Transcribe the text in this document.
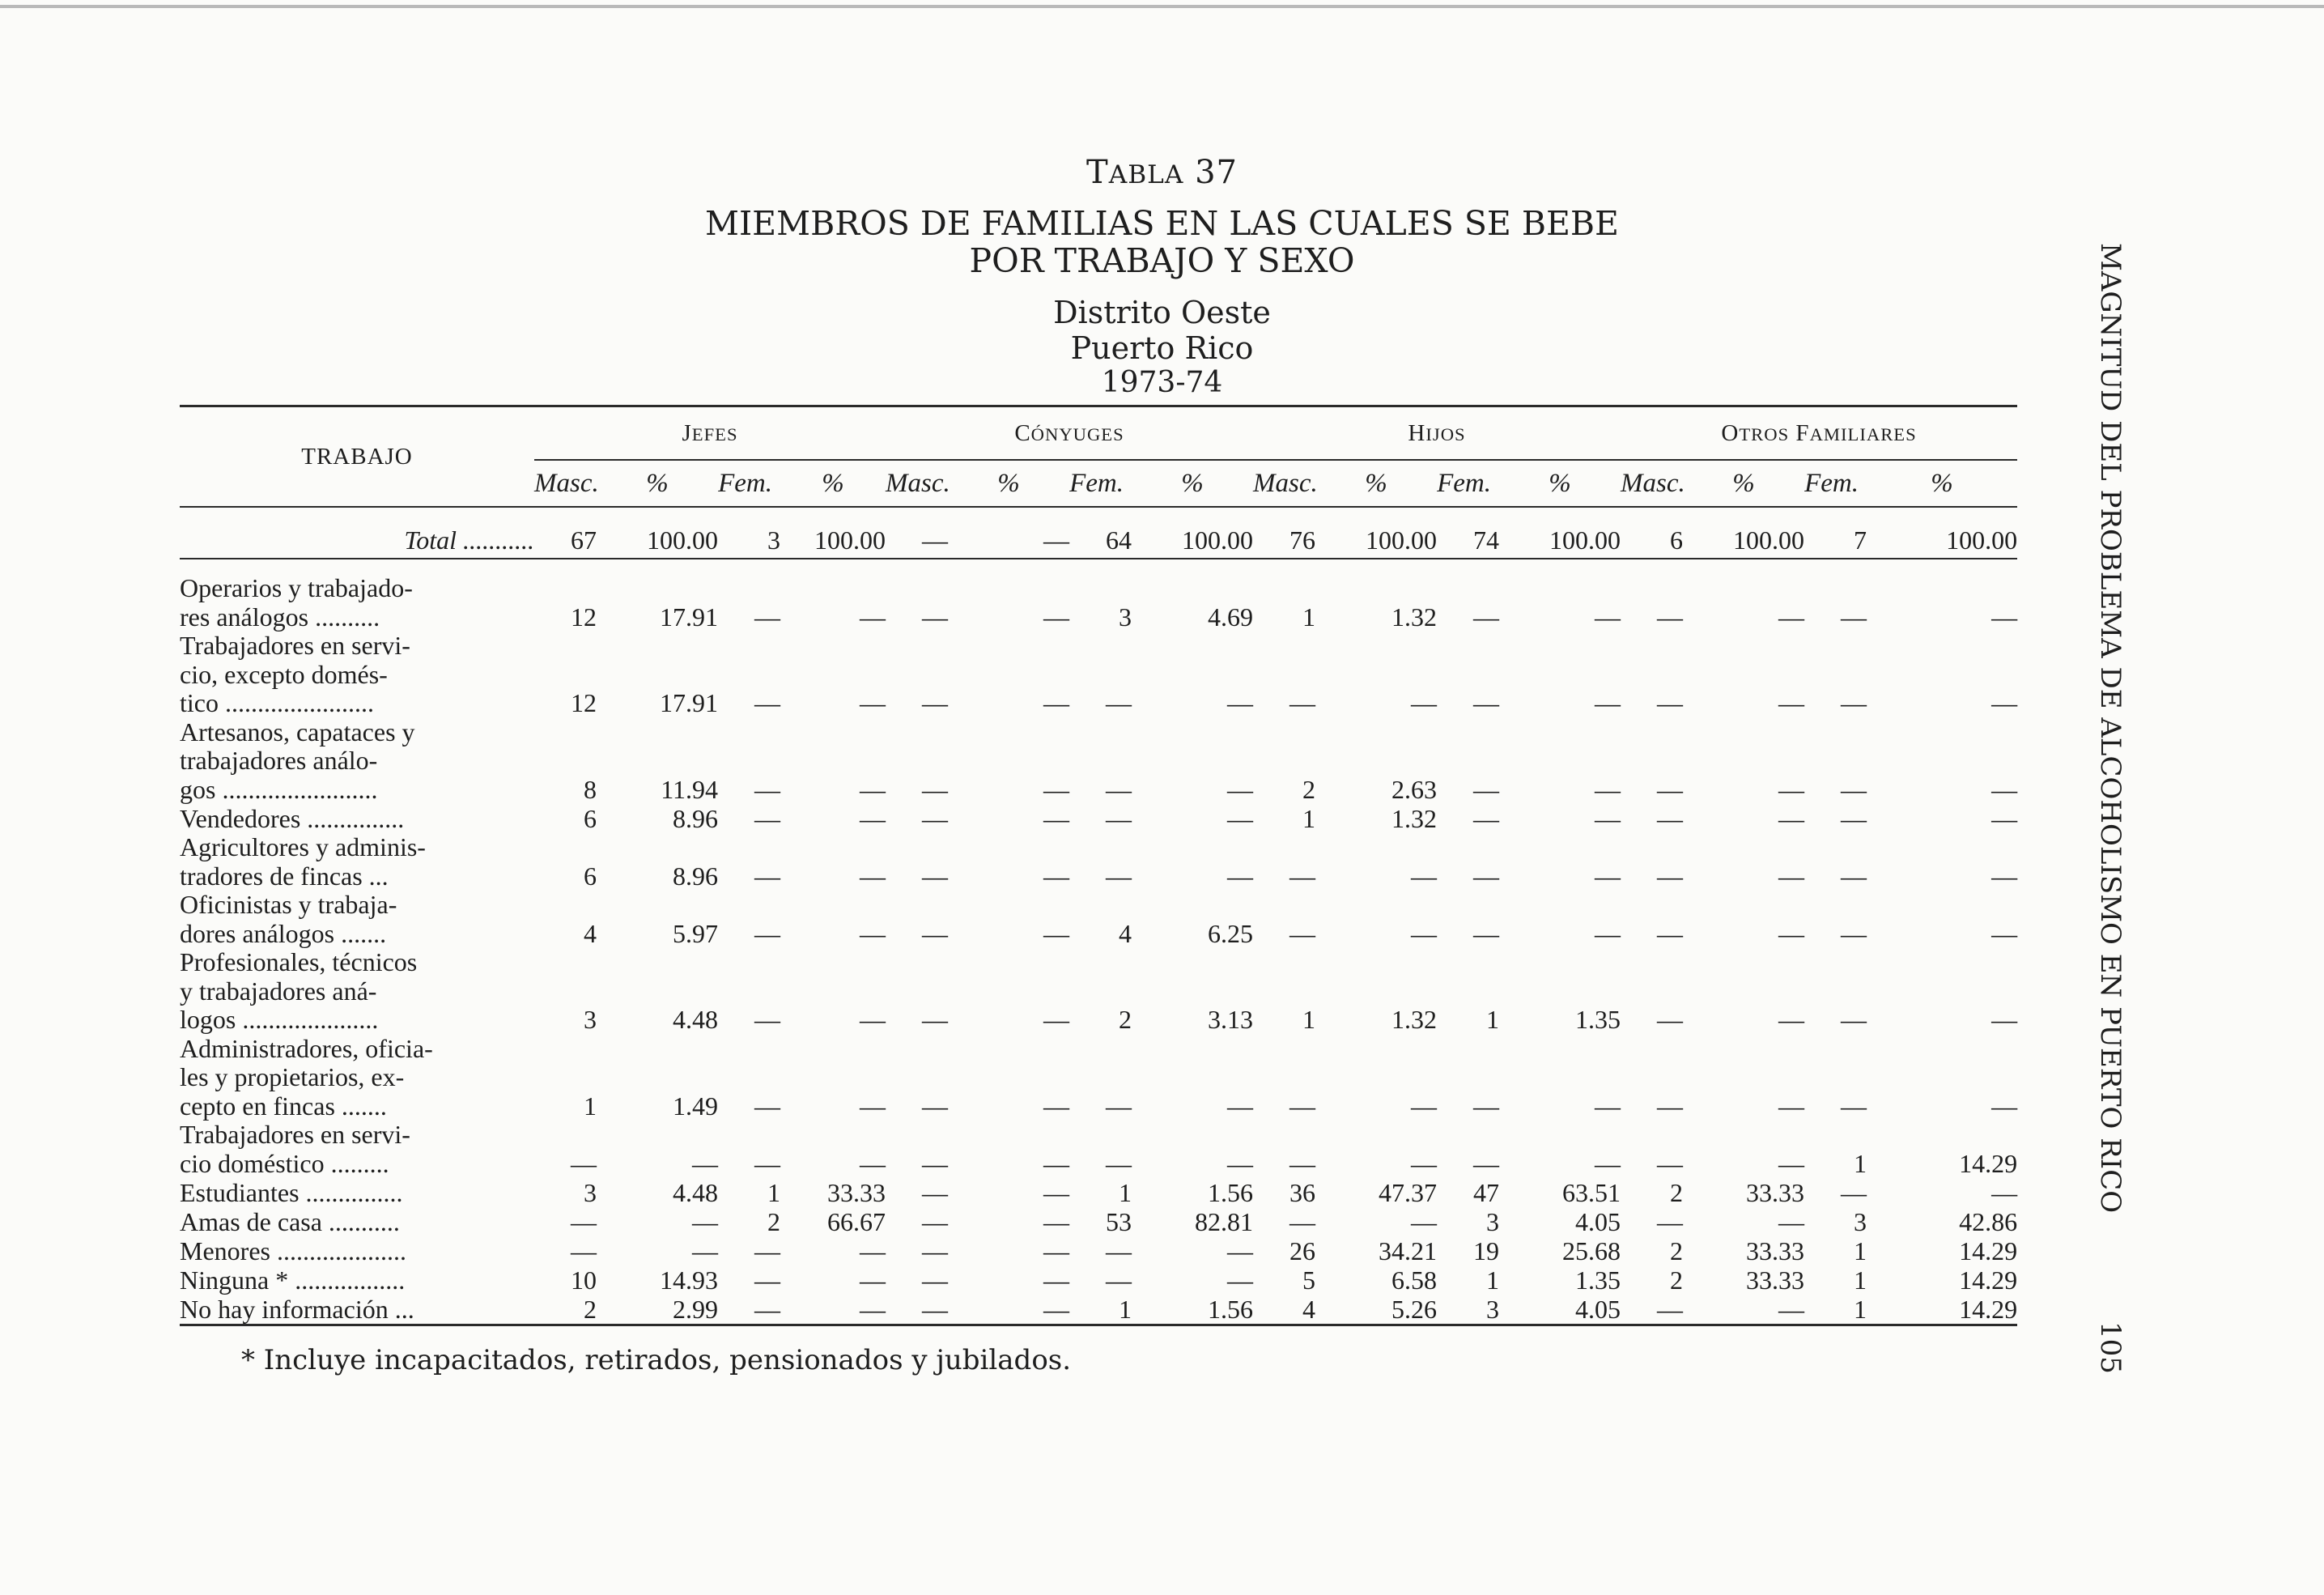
TABLA 37
MIEMBROS DE FAMILIAS EN LAS CUALES SE BEBE
POR TRABAJO Y SEXO
Distrito Oeste
Puerto Rico
1973-74
TRABAJO	JEFES				CÓNYUGES				HIJOS				OTROS FAMILIARES			
	Masc.	%	Fem.	%	Masc.	%	Fem.	%	Masc.	%	Fem.	%	Masc.	%	Fem.	%

Total ...........	67	100.00	3	100.00	—	—	64	100.00	76	100.00	74	100.00	6	100.00	7	100.00

Operarios y trabajado-
res análogos ..........	12	17.91	—	—	—	—	3	4.69	1	1.32	—	—	—	—	—	—
Trabajadores en servi-
cio, excepto domés-
tico .......................	12	17.91	—	—	—	—	—	—	—	—	—	—	—	—	—	—
Artesanos, capataces y
trabajadores análo-
gos ........................	8	11.94	—	—	—	—	—	—	2	2.63	—	—	—	—	—	—
Vendedores ...............	6	8.96	—	—	—	—	—	—	1	1.32	—	—	—	—	—	—
Agricultores y adminis-
tradores de fincas ...	6	8.96	—	—	—	—	—	—	—	—	—	—	—	—	—	—
Oficinistas y trabaja-
dores análogos .......	4	5.97	—	—	—	—	4	6.25	—	—	—	—	—	—	—	—
Profesionales, técnicos
y trabajadores aná-
logos .....................	3	4.48	—	—	—	—	2	3.13	1	1.32	1	1.35	—	—	—	—
Administradores, oficia-
les y propietarios, ex-
cepto en fincas .......	1	1.49	—	—	—	—	—	—	—	—	—	—	—	—	—	—
Trabajadores en servi-
cio doméstico .........	—	—	—	—	—	—	—	—	—	—	—	—	—	—	1	14.29
Estudiantes ...............	3	4.48	1	33.33	—	—	1	1.56	36	47.37	47	63.51	2	33.33	—	—
Amas de casa ...........	—	—	2	66.67	—	—	53	82.81	—	—	3	4.05	—	—	3	42.86
Menores ....................	—	—	—	—	—	—	—	—	26	34.21	19	25.68	2	33.33	1	14.29
Ninguna * .................	10	14.93	—	—	—	—	—	—	5	6.58	1	1.35	2	33.33	1	14.29
No hay información ...	2	2.99	—	—	—	—	1	1.56	4	5.26	3	4.05	—	—	1	14.29
* Incluye incapacitados, retirados, pensionados y jubilados.
MAGNITUD DEL PROBLEMA DE ALCOHOLISMO EN PUERTO RICO
105
